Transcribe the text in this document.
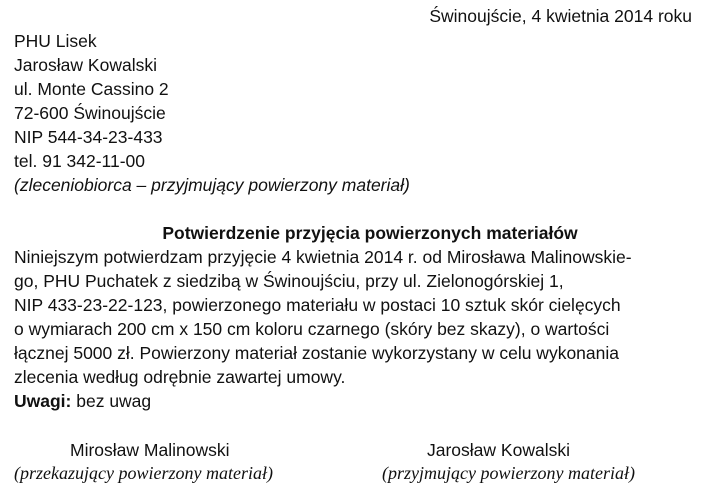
Świnoujście, 4 kwietnia 2014 roku
PHU Lisek
Jarosław Kowalski
ul. Monte Cassino 2
72-600 Świnoujście
NIP 544-34-23-433
tel. 91 342-11-00
(zleceniobiorca – przyjmujący powierzony materiał)
Potwierdzenie przyjęcia powierzonych materiałów
Niniejszym potwierdzam przyjęcie 4 kwietnia 2014 r. od Mirosława Malinowskie-
go, PHU Puchatek z siedzibą w Świnoujściu, przy ul. Zielonogórskiej 1,
NIP 433-23-22-123, powierzonego materiału w postaci 10 sztuk skór cielęcych
o wymiarach 200 cm x 150 cm koloru czarnego (skóry bez skazy), o wartości
łącznej 5000 zł. Powierzony materiał zostanie wykorzystany w celu wykonania
zlecenia według odrębnie zawartej umowy.
Uwagi: bez uwag
Mirosław Malinowski
(przekazujący powierzony materiał)
Jarosław Kowalski
(przyjmujący powierzony materiał)
